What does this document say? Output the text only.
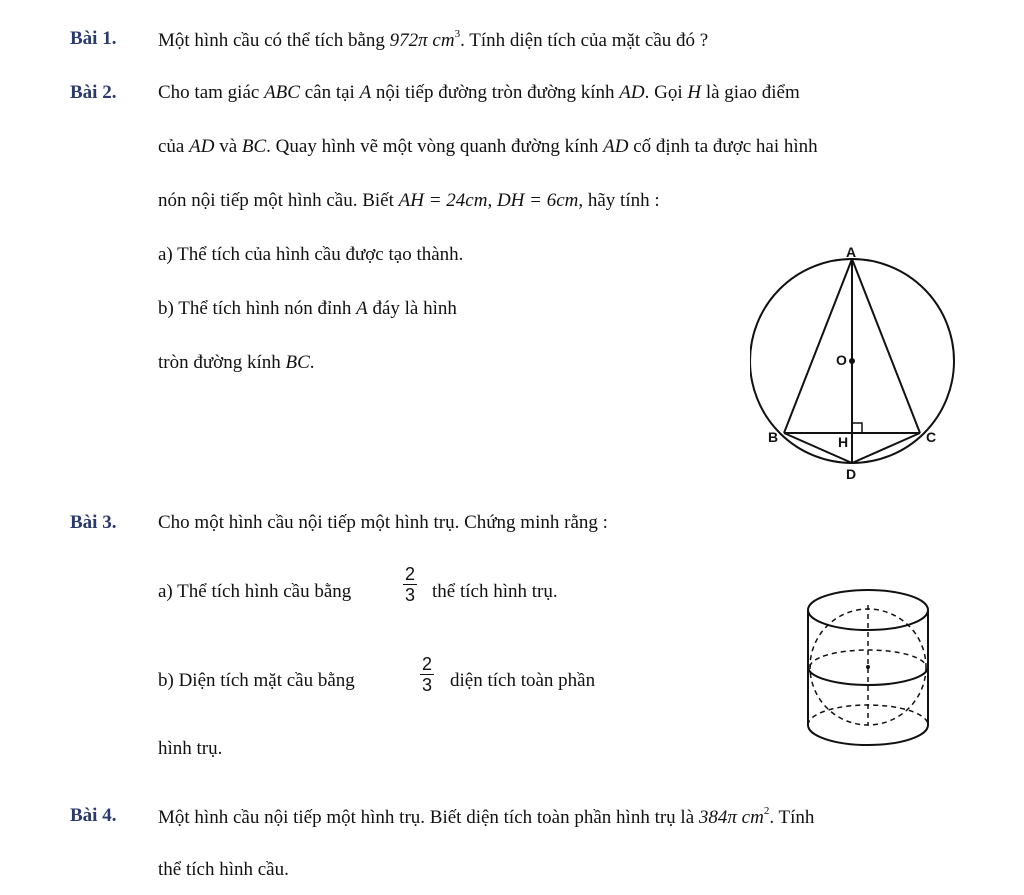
Bài 1. Một hình cầu có thể tích bằng 972π $cm^3$. Tính diện tích của mặt cầu đó ?
Bài 2. Cho tam giác ABC cân tại A nội tiếp đường tròn đường kính AD. Gọi H là giao điểm
của AD và BC. Quay hình vẽ một vòng quanh đường kính AD cố định ta được hai hình
nón nội tiếp một hình cầu. Biết AH = 24cm, DH = 6cm, hãy tính :
a) Thể tích của hình cầu được tạo thành.
b) Thể tích hình nón đỉnh A đáy là hình
tròn đường kính BC.
A
O
B	H	C
D
Bài 3. Cho một hình cầu nội tiếp một hình trụ. Chứng minh rằng :
a) Thể tích hình cầu bằng	$\frac{2}{3}$ thể tích hình trụ.
b) Diện tích mặt cầu bằng	$\frac{2}{3}$ diện tích toàn phần
hình trụ.
Bài 4. Một hình cầu nội tiếp một hình trụ. Biết diện tích toàn phần hình trụ là 384π $cm^2$. Tính
thể tích hình cầu.
